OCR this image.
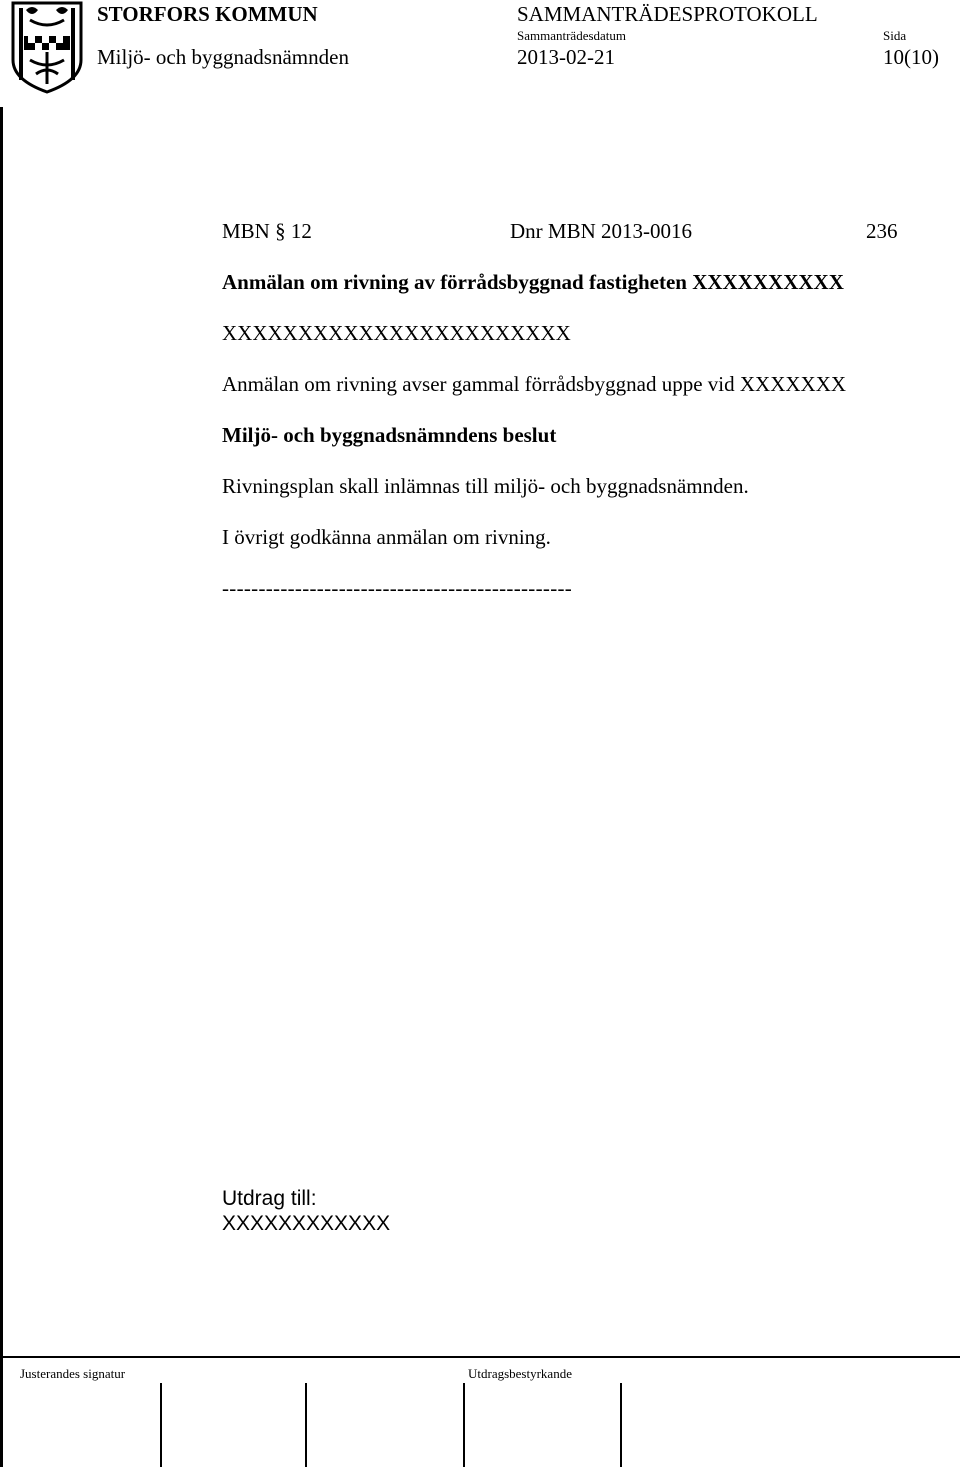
STORFORS KOMMUN
Miljö- och byggnadsnämnden
SAMMANTRÄDESPROTOKOLL
Sammanträdesdatum
2013-02-21
Sida
10(10)
MBN § 12	Dnr MBN 2013-0016	236
Anmälan om rivning av förrådsbyggnad fastigheten XXXXXXXXXX
XXXXXXXXXXXXXXXXXXXXXXX
Anmälan om rivning avser gammal förrådsbyggnad uppe vid XXXXXXX
Miljö- och byggnadsnämndens beslut
Rivningsplan skall inlämnas till miljö- och byggnadsnämnden.
I övrigt godkänna anmälan om rivning.
------------------------------------------------
Utdrag till:
XXXXXXXXXXXX
Justerandes signatur	Utdragsbestyrkande
